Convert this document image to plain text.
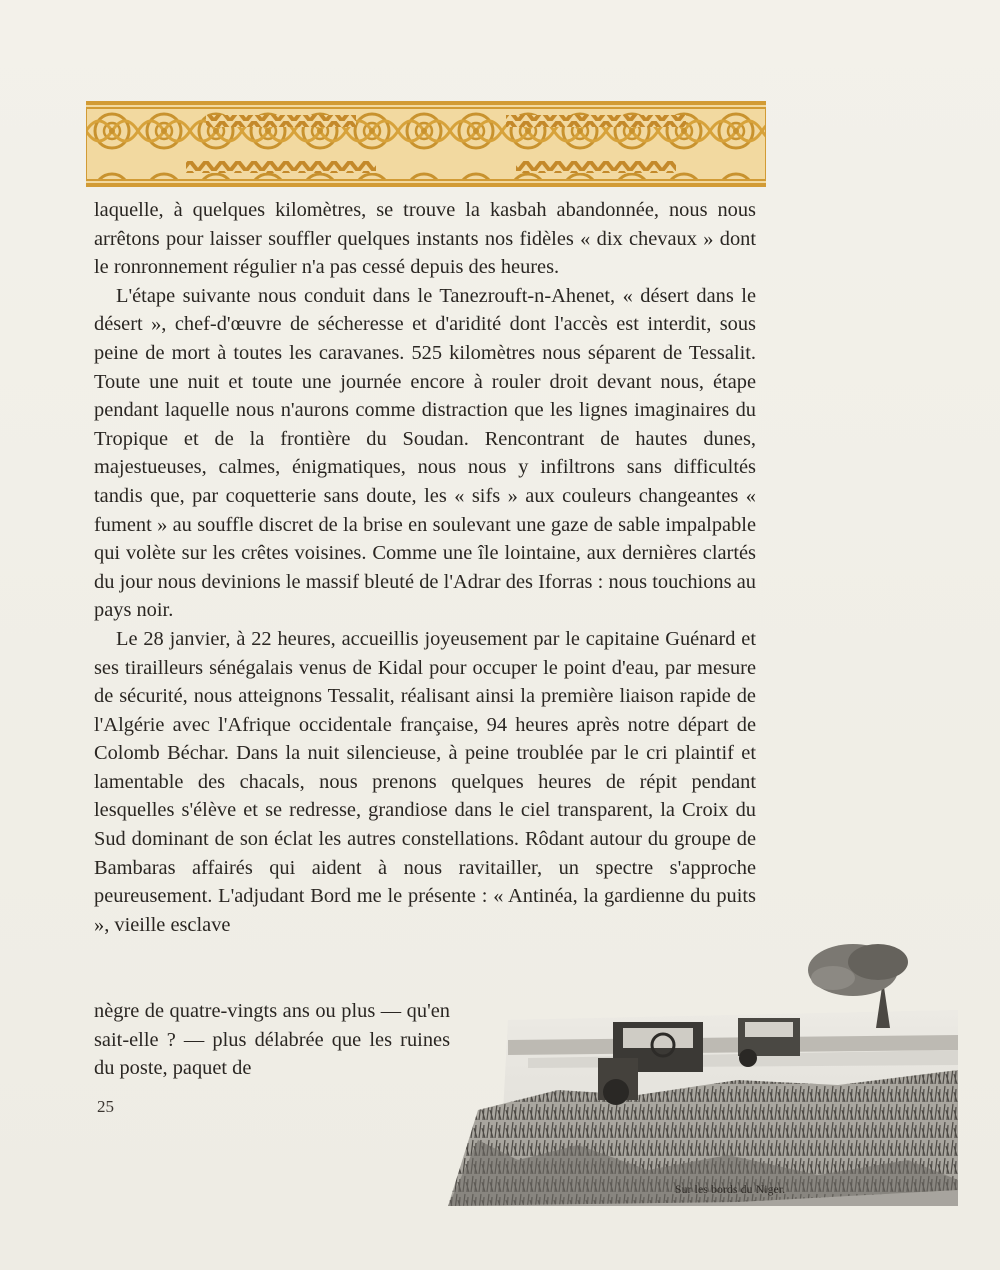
laquelle, à quelques kilomètres, se trouve la kasbah abandonnée, nous nous arrêtons pour laisser souffler quelques instants nos fidèles « dix chevaux » dont le ronronnement régulier n'a pas cessé depuis des heures.

L'étape suivante nous conduit dans le Tanezrouft-n-Ahenet, « désert dans le désert », chef-d'œuvre de sécheresse et d'aridité dont l'accès est interdit, sous peine de mort à toutes les caravanes. 525 kilomètres nous séparent de Tessalit. Toute une nuit et toute une journée encore à rouler droit devant nous, étape pendant laquelle nous n'aurons comme distraction que les lignes imaginaires du Tropique et de la frontière du Soudan. Rencontrant de hautes dunes, majestueuses, calmes, énigmatiques, nous nous y infiltrons sans difficultés tandis que, par coquetterie sans doute, les « sifs » aux couleurs changeantes « fument » au souffle discret de la brise en soulevant une gaze de sable impalpable qui volète sur les crêtes voisines. Comme une île lointaine, aux dernières clartés du jour nous devinions le massif bleuté de l'Adrar des Iforras : nous touchions au pays noir.

Le 28 janvier, à 22 heures, accueillis joyeusement par le capitaine Guénard et ses tirailleurs sénégalais venus de Kidal pour occuper le point d'eau, par mesure de sécurité, nous atteignons Tessalit, réalisant ainsi la première liaison rapide de l'Algérie avec l'Afrique occidentale française, 94 heures après notre départ de Colomb Béchar. Dans la nuit silencieuse, à peine troublée par le cri plaintif et lamentable des chacals, nous prenons quelques heures de répit pendant lesquelles s'élève et se redresse, grandiose dans le ciel transparent, la Croix du Sud dominant de son éclat les autres constellations. Rôdant autour du groupe de Bambaras affairés qui aident à nous ravitailler, un spectre s'approche peureusement. L'adjudant Bord me le présente : « Antinéa, la gardienne du puits », vieille esclave

nègre de quatre-vingts ans ou plus — qu'en sait-elle ? — plus délabrée que les ruines du poste, paquet de
25
Sur les bords du Niger.
